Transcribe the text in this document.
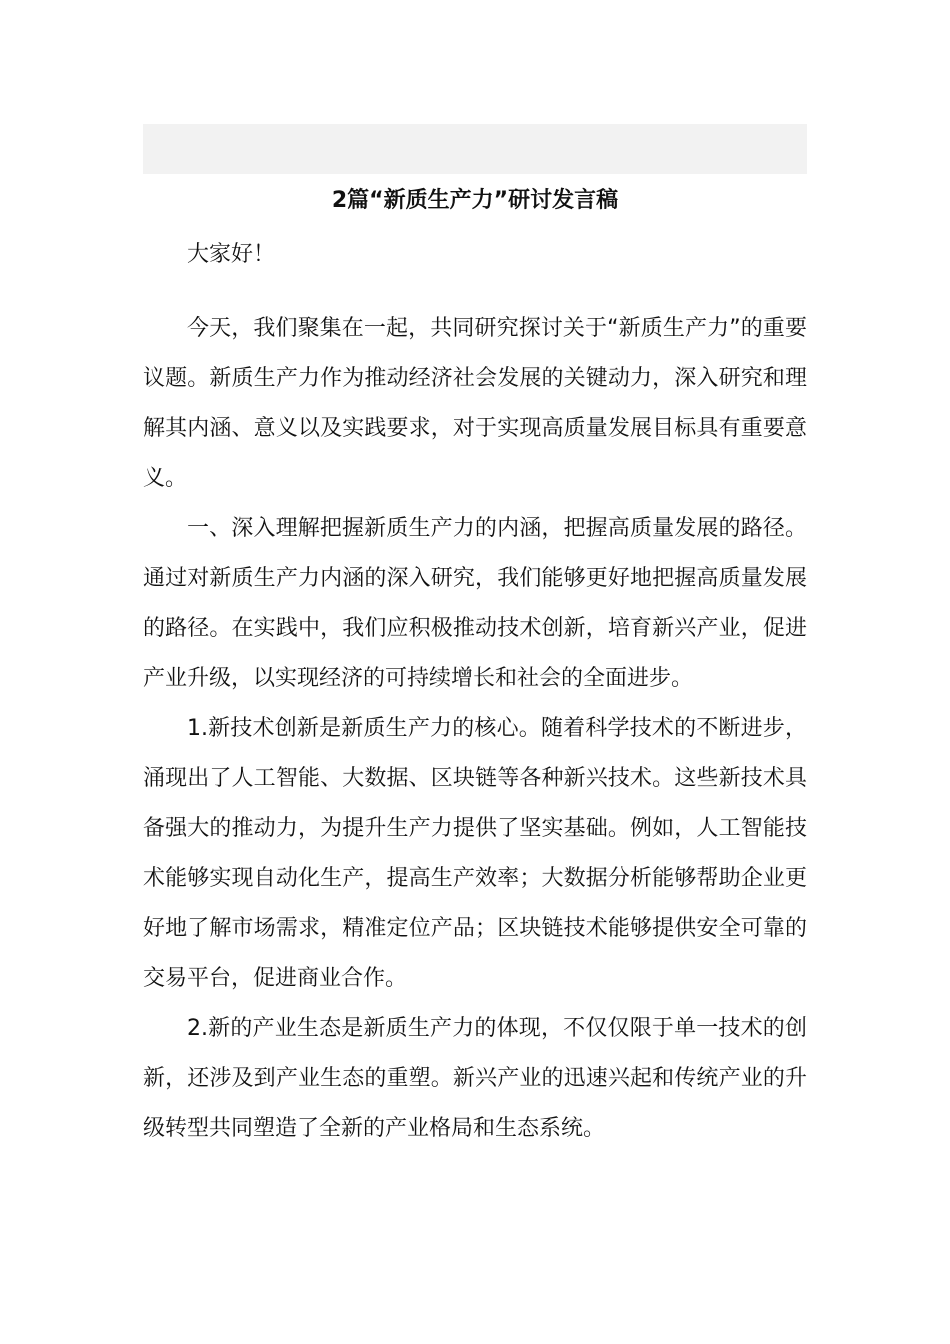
2篇“新质生产力”研讨发言稿

大家好！

今天，我们聚集在一起，共同研究探讨关于“新质生产力”的重要议题。新质生产力作为推动经济社会发展的关键动力，深入研究和理解其内涵、意义以及实践要求，对于实现高质量发展目标具有重要意义。

一、深入理解把握新质生产力的内涵，把握高质量发展的路径。通过对新质生产力内涵的深入研究，我们能够更好地把握高质量发展的路径。在实践中，我们应积极推动技术创新，培育新兴产业，促进产业升级，以实现经济的可持续增长和社会的全面进步。

1.新技术创新是新质生产力的核心。随着科学技术的不断进步，涌现出了人工智能、大数据、区块链等各种新兴技术。这些新技术具备强大的推动力，为提升生产力提供了坚实基础。例如，人工智能技术能够实现自动化生产，提高生产效率；大数据分析能够帮助企业更好地了解市场需求，精准定位产品；区块链技术能够提供安全可靠的交易平台，促进商业合作。

2.新的产业生态是新质生产力的体现，不仅仅限于单一技术的创新，还涉及到产业生态的重塑。新兴产业的迅速兴起和传统产业的升级转型共同塑造了全新的产业格局和生态系统。
